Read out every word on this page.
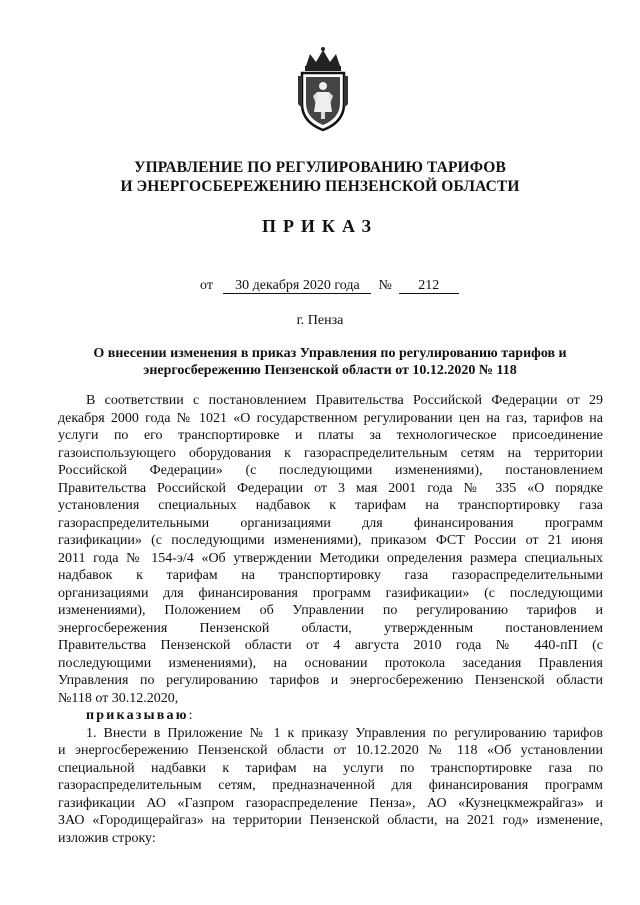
УПРАВЛЕНИЕ ПО РЕГУЛИРОВАНИЮ ТАРИФОВ
И ЭНЕРГОСБЕРЕЖЕНИЮ ПЕНЗЕНСКОЙ ОБЛАСТИ
ПРИКАЗ
от 30 декабря 2020 года № 212
г. Пенза
О внесении изменения в приказ Управления по регулированию тарифов и
энергосбережению Пензенской области от 10.12.2020 № 118
В соответствии с постановлением Правительства Российской Федерации от 29
декабря 2000 года № 1021 «О государственном регулировании цен на газ, тарифов на
услуги по его транспортировке и платы за технологическое присоединение
газоиспользующего оборудования к газораспределительным сетям на территории
Российской Федерации» (с последующими изменениями), постановлением
Правительства Российской Федерации от 3 мая 2001 года № 335 «О порядке
установления специальных надбавок к тарифам на транспортировку газа
газораспределительными организациями для финансирования программ
газификации» (с последующими изменениями), приказом ФСТ России от 21 июня
2011 года № 154-э/4 «Об утверждении Методики определения размера специальных
надбавок к тарифам на транспортировку газа газораспределительными
организациями для финансирования программ газификации» (с последующими
изменениями), Положением об Управлении по регулированию тарифов и
энергосбережения Пензенской области, утвержденным постановлением
Правительства Пензенской области от 4 августа 2010 года № 440-пП (с
последующими изменениями), на основании протокола заседания Правления
Управления по регулированию тарифов и энергосбережению Пензенской области
№118 от 30.12.2020,
приказываю:
1. Внести в Приложение № 1 к приказу Управления по регулированию тарифов
и энергосбережению Пензенской области от 10.12.2020 № 118 «Об установлении
специальной надбавки к тарифам на услуги по транспортировке газа по
газораспределительным сетям, предназначенной для финансирования программ
газификации АО «Газпром газораспределение Пенза», АО «Кузнецкмежрайгаз» и
ЗАО «Городищерайгаз» на территории Пензенской области, на 2021 год» изменение,
изложив строку:
